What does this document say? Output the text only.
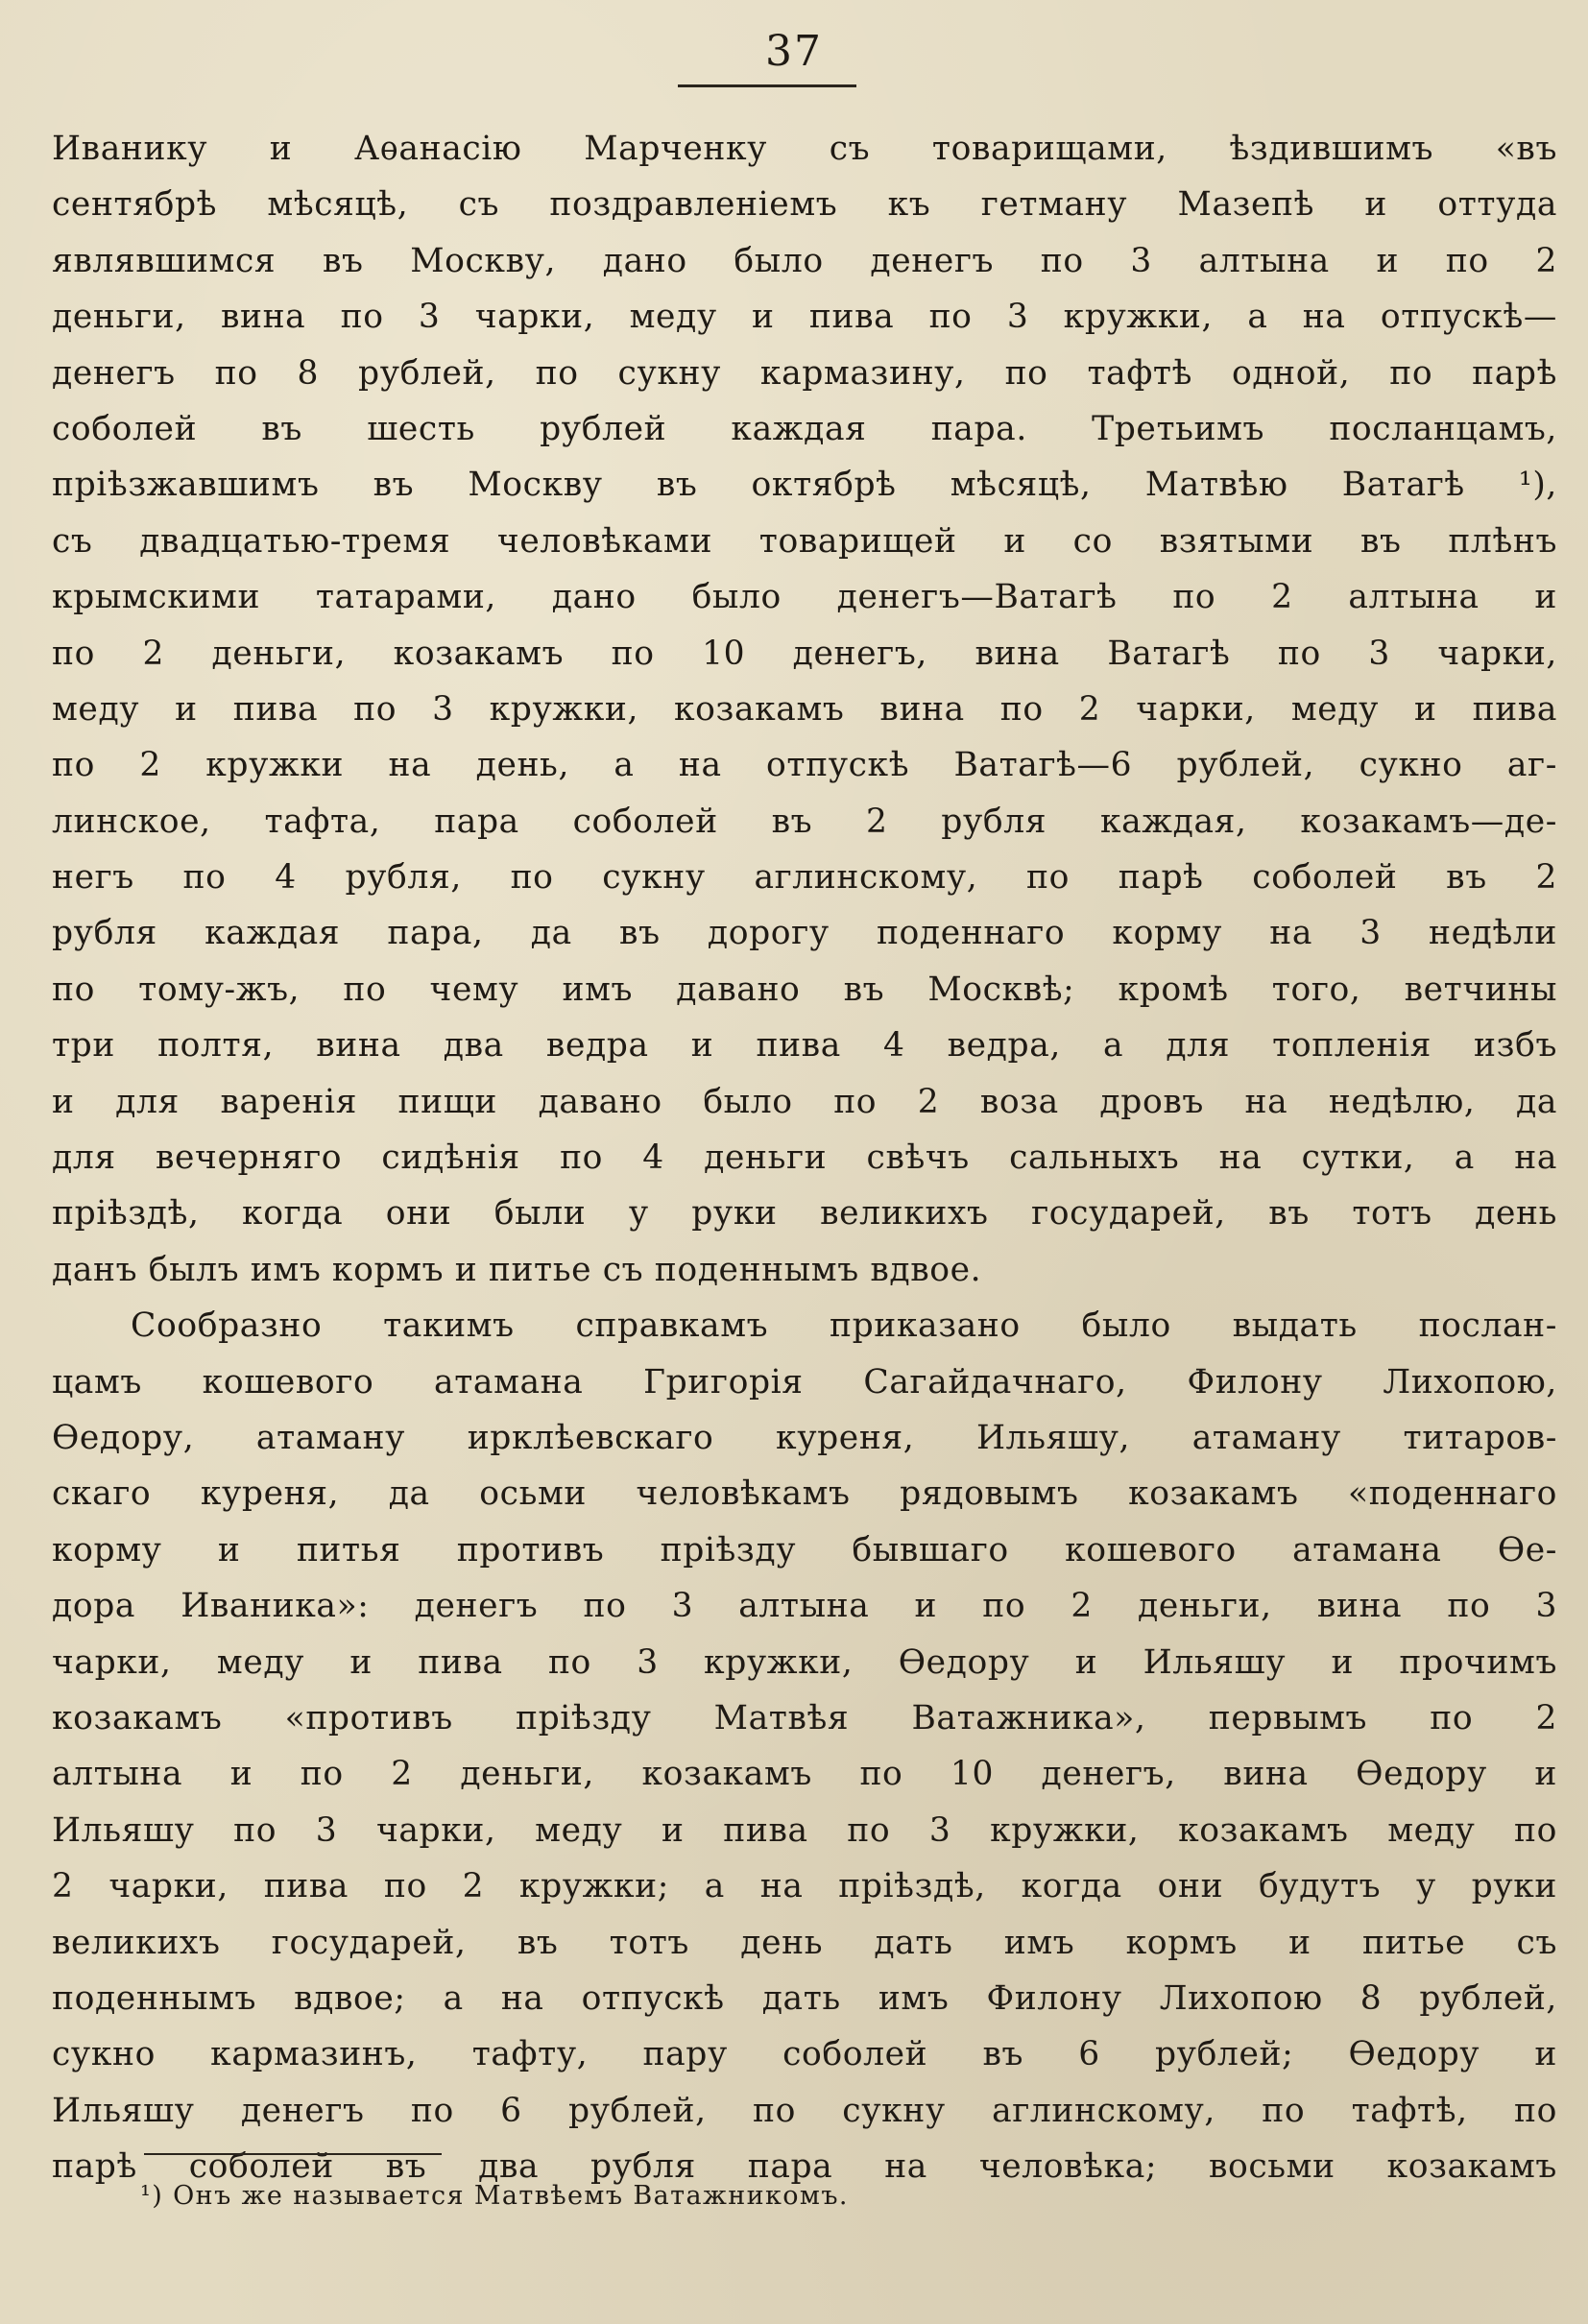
37
Иванику и Аѳанасію Марченку съ товарищами, ѣздившимъ «въ
сентябрѣ мѣсяцѣ, съ поздравленіемъ къ гетману Мазепѣ и оттуда
являвшимся въ Москву, дано было денегъ по 3 алтына и по 2
деньги, вина по 3 чарки, меду и пива по 3 кружки, а на отпускѣ—
денегъ по 8 рублей, по сукну кармазину, по тафтѣ одной, по парѣ
соболей въ шесть рублей каждая пара. Третьимъ посланцамъ,
пріѣзжавшимъ въ Москву въ октябрѣ мѣсяцѣ, Матвѣю Ватагѣ ¹),
съ двадцатью-тремя человѣками товарищей и со взятыми въ плѣнъ
крымскими татарами, дано было денегъ—Ватагѣ по 2 алтына и
по 2 деньги, козакамъ по 10 денегъ, вина Ватагѣ по 3 чарки,
меду и пива по 3 кружки, козакамъ вина по 2 чарки, меду и пива
по 2 кружки на день, а на отпускѣ Ватагѣ—6 рублей, сукно аг-
линское, тафта, пара соболей въ 2 рубля каждая, козакамъ—де-
негъ по 4 рубля, по сукну аглинскому, по парѣ соболей въ 2
рубля каждая пара, да въ дорогу поденнаго корму на 3 недѣли
по тому-жъ, по чему имъ давано въ Москвѣ; кромѣ того, ветчины
три полтя, вина два ведра и пива 4 ведра, а для топленія избъ
и для варенія пищи давано было по 2 воза дровъ на недѣлю, да
для вечерняго сидѣнія по 4 деньги свѣчъ сальныхъ на сутки, а на
пріѣздѣ, когда они были у руки великихъ государей, въ тотъ день
данъ былъ имъ кормъ и питье съ поденнымъ вдвое.
Сообразно такимъ справкамъ приказано было выдать послан-
цамъ кошевого атамана Григорія Сагайдачнаго, Филону Лихопою,
Ѳедору, атаману ирклѣевскаго куреня, Ильяшу, атаману титаров-
скаго куреня, да осьми человѣкамъ рядовымъ козакамъ «поденнаго
корму и питья противъ пріѣзду бывшаго кошевого атамана Ѳе-
дора Иваника»: денегъ по 3 алтына и по 2 деньги, вина по 3
чарки, меду и пива по 3 кружки, Ѳедору и Ильяшу и прочимъ
козакамъ «противъ пріѣзду Матвѣя Ватажника», первымъ по 2
алтына и по 2 деньги, козакамъ по 10 денегъ, вина Ѳедору и
Ильяшу по 3 чарки, меду и пива по 3 кружки, козакамъ меду по
2 чарки, пива по 2 кружки; а на пріѣздѣ, когда они будутъ у руки
великихъ государей, въ тотъ день дать имъ кормъ и питье съ
поденнымъ вдвое; а на отпускѣ дать имъ Филону Лихопою 8 рублей,
сукно кармазинъ, тафту, пару соболей въ 6 рублей; Ѳедору и
Ильяшу денегъ по 6 рублей, по сукну аглинскому, по тафтѣ, по
парѣ соболей въ два рубля пара на человѣка; восьми козакамъ
¹) Онъ же называется Матвѣемъ Ватажникомъ.
